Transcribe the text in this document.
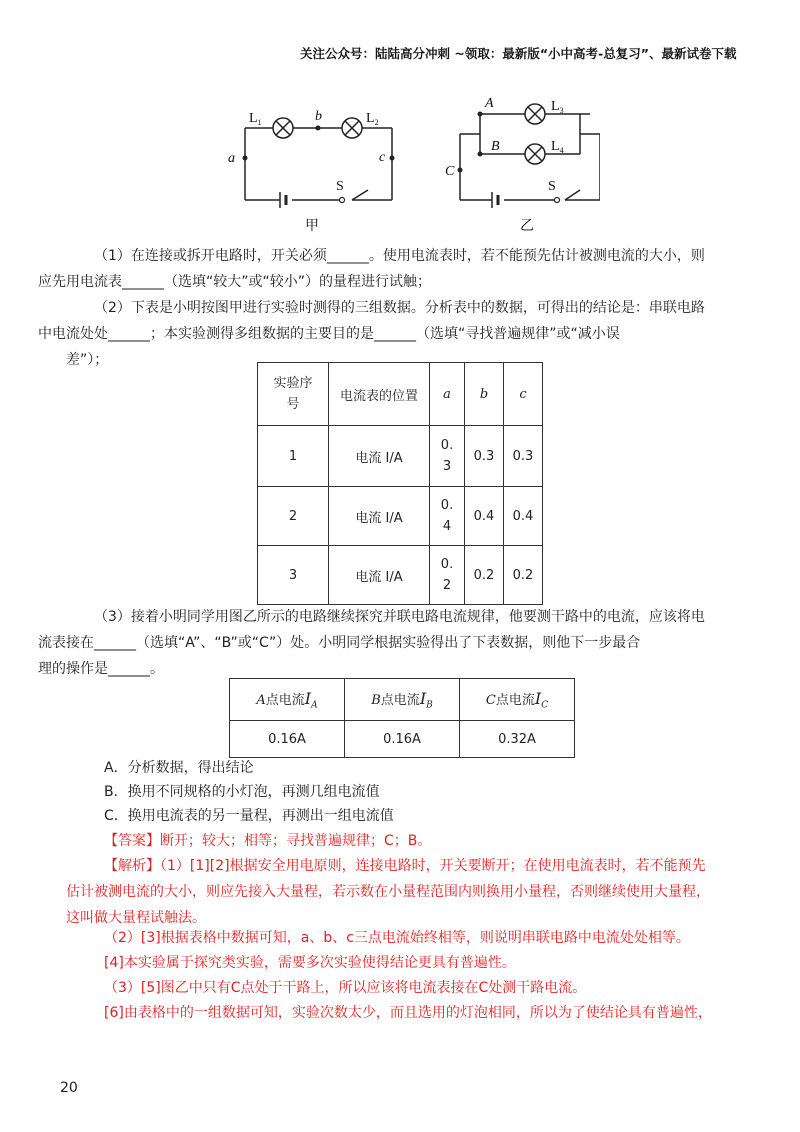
关注公众号：陆陆高分冲刺 ~领取：最新版“小中高考-总复习”、最新试卷下载
$L_1$	$L_2$
b
a	c
S
甲
A	$L_3$
B	$L_4$
C
S
乙

（1）在连接或拆开电路时，开关必须______。使用电流表时，若不能预先估计被测电流的大小，则
应先用电流表______（选填“较大”或“较小”）的量程进行试触；

（2）下表是小明按图甲进行实验时测得的三组数据。分析表中的数据，可得出的结论是：串联电路
中电流处处______；本实验测得多组数据的主要目的是______（选填“寻找普遍规律”或“减小误
差”）；

实验序号	电流表的位置	a	b	c
1	电流 I/A	0.3	0.3	0.3
2	电流 I/A	0.4	0.4	0.4
3	电流 I/A	0.2	0.2	0.2

（3）接着小明同学用图乙所示的电路继续探究并联电路电流规律，他要测干路中的电流，应该将电
流表接在______（选填“A”、“B”或“C”）处。小明同学根据实验得出了下表数据，则他下一步最合
理的操作是______。

A点电流$I_A$	B点电流$I_B$	C点电流$I_C$
0.16A	0.16A	0.32A
A．分析数据，得出结论
B．换用不同规格的小灯泡，再测几组电流值
C．换用电流表的另一量程，再测出一组电流值
【答案】断开；较大；相等；寻找普遍规律；C；B。

【解析】（1）[1][2]根据安全用电原则，连接电路时，开关要断开；在使用电流表时，若不能预先

估计被测电流的大小，则应先接入大量程，若示数在小量程范围内则换用小量程，否则继续使用大量程，
这叫做大量程试触法。

（2）[3]根据表格中数据可知，a、b、c三点电流始终相等，则说明串联电路中电流处处相等。
[4]本实验属于探究类实验，需要多次实验使得结论更具有普遍性。
（3）[5]图乙中只有C点处于干路上，所以应该将电流表接在C处测干路电流。
[6]由表格中的一组数据可知，实验次数太少，而且选用的灯泡相同，所以为了使结论具有普遍性，
20
